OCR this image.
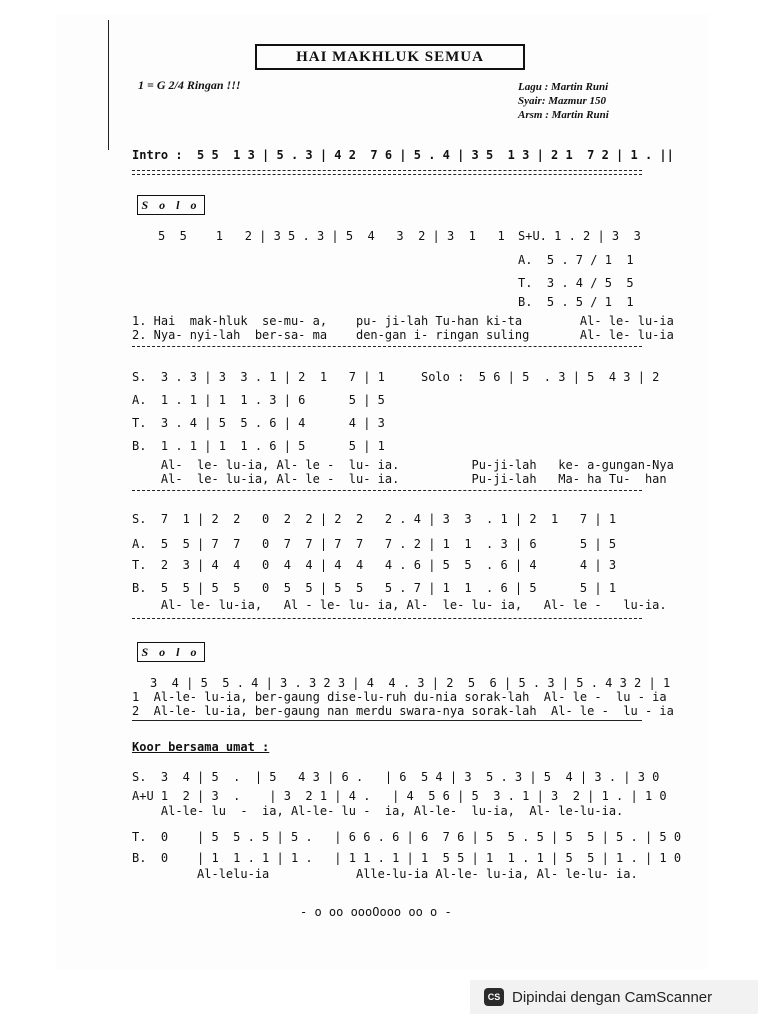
HAI MAKHLUK SEMUA
1 = G 2/4 Ringan !!!	Lagu : Martin Runi
Syair: Mazmur 150
Arsm : Martin Runi
Intro :  5 5  1 3 | 5 . 3 | 4 2  7 6 | 5 . 4 | 3 5  1 3 | 2 1  7 2 | 1 . ||
S o l o
5  5    1   2 | 3 5 . 3 | 5  4   3  2 | 3  1   1 S+U. 1 . 2 | 3  3
A.  5 . 7 / 1  1
T.  3 . 4 / 5  5
B.  5 . 5 / 1  1
1. Hai  mak-hluk  se-mu- a,    pu- ji-lah Tu-han ki-ta        Al- le- lu-ia
2. Nya- nyi-lah  ber-sa- ma    den-gan i- ringan suling       Al- le- lu-ia
S.  3 . 3 | 3  3 . 1 | 2  1   7 | 1     Solo :  5 6 | 5  . 3 | 5  4 3 | 2
A.  1 . 1 | 1  1 . 3 | 6      5 | 5
T.  3 . 4 | 5  5 . 6 | 4      4 | 3
B.  1 . 1 | 1  1 . 6 | 5      5 | 1
Al-  le- lu-ia, Al- le -  lu- ia.          Pu-ji-lah   ke- a-gungan-Nya
Al-  le- lu-ia, Al- le -  lu- ia.          Pu-ji-lah   Ma- ha Tu-  han
S.  7  1 | 2  2   0  2  2 | 2  2   2 . 4 | 3  3  . 1 | 2  1   7 | 1
A.  5  5 | 7  7   0  7  7 | 7  7   7 . 2 | 1  1  . 3 | 6      5 | 5
T.  2  3 | 4  4   0  4  4 | 4  4   4 . 6 | 5  5  . 6 | 4      4 | 3
B.  5  5 | 5  5   0  5  5 | 5  5   5 . 7 | 1  1  . 6 | 5      5 | 1
Al- le- lu-ia,   Al - le- lu- ia, Al-  le- lu- ia,   Al- le -   lu-ia.
S o l o
3  4 | 5  5 . 4 | 3 . 3 2 3 | 4  4 . 3 | 2  5  6 | 5 . 3 | 5 . 4 3 2 | 1
1  Al-le- lu-ia, ber-gaung dise-lu-ruh du-nia sorak-lah  Al- le -  lu - ia
2  Al-le- lu-ia, ber-gaung nan merdu swara-nya sorak-lah  Al- le -  lu - ia
Koor bersama umat :
S.  3  4 | 5  .  | 5   4 3 | 6 .   | 6  5 4 | 3  5 . 3 | 5  4 | 3 . | 3 0
A+U 1  2 | 3  .    | 3  2 1 | 4 .   | 4  5 6 | 5  3 . 1 | 3  2 | 1 . | 1 0
Al-le- lu  -  ia, Al-le- lu -  ia, Al-le-  lu-ia,  Al- le-lu-ia.
T.  0    | 5  5 . 5 | 5 .   | 6 6 . 6 | 6  7 6 | 5  5 . 5 | 5  5 | 5 . | 5 0
B.  0    | 1  1 . 1 | 1 .   | 1 1 . 1 | 1  5 5 | 1  1 . 1 | 5  5 | 1 . | 1 0
Al-lelu-ia            Alle-lu-ia Al-le- lu-ia, Al- le-lu- ia.
- o oo oooOooo oo o -
CS Dipindai dengan CamScanner
